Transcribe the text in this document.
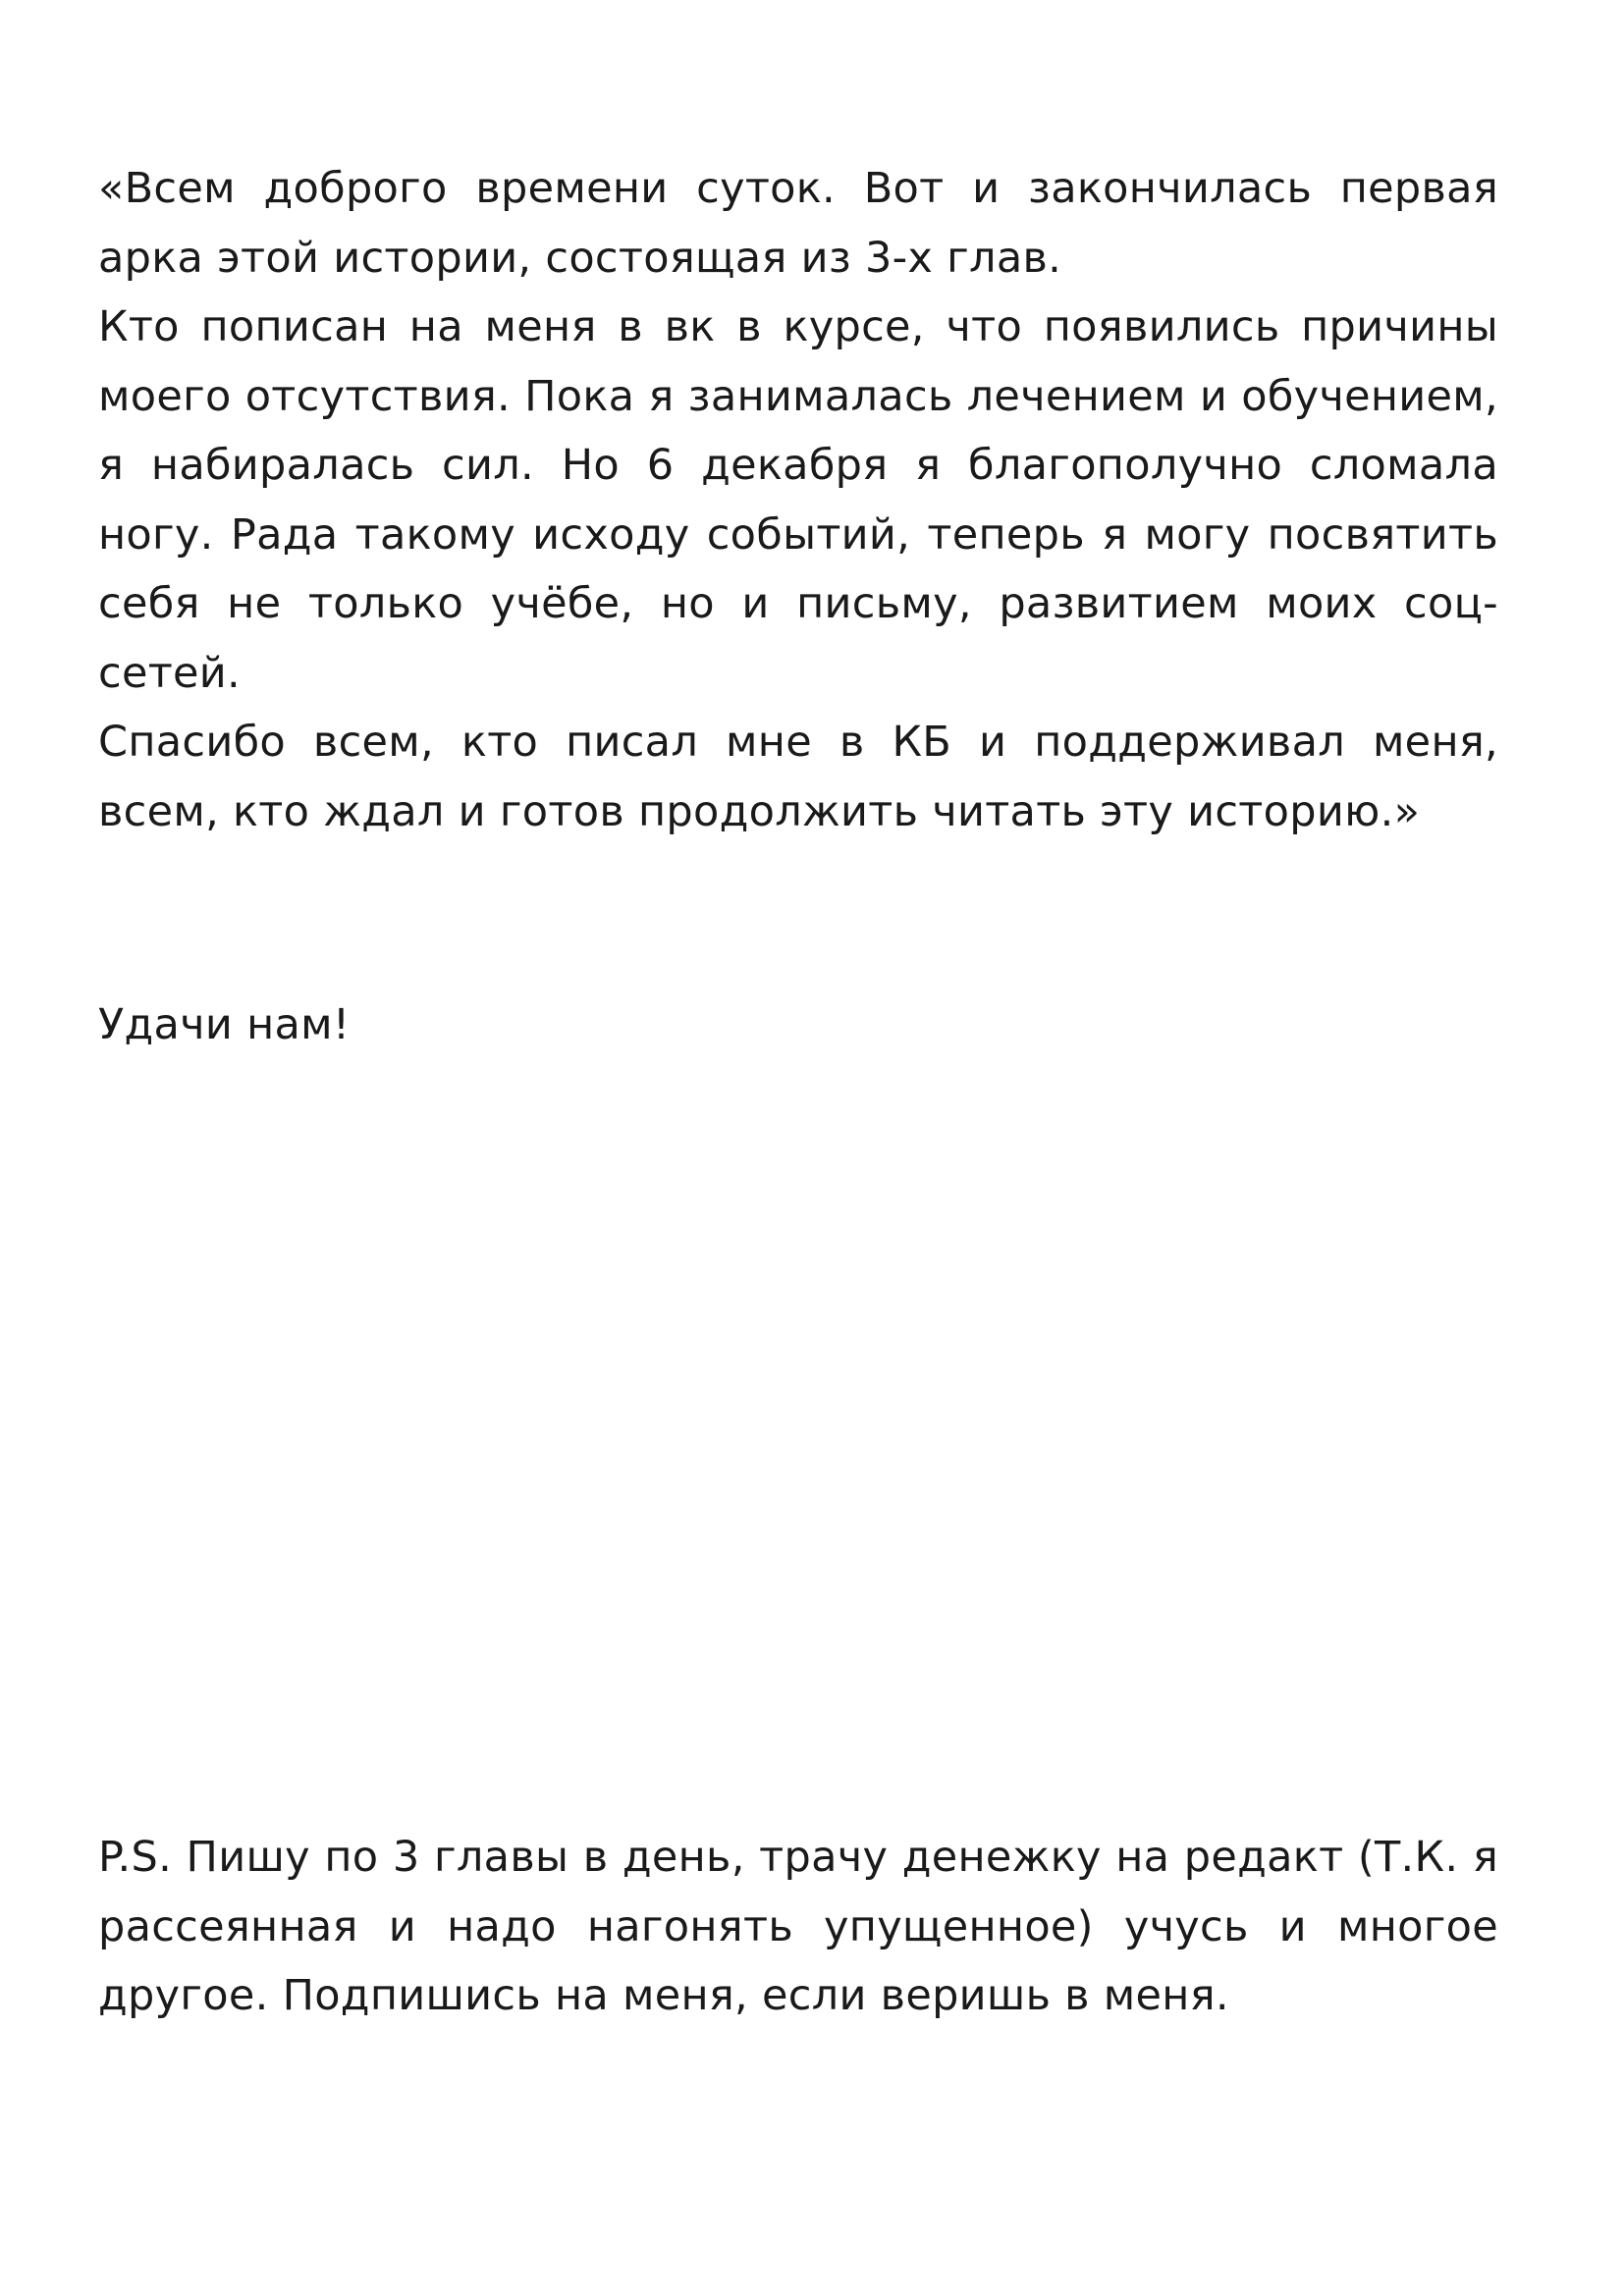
«Всем доброго времени суток. Вот и закончилась первая арка этой истории, состоящая из 3-х глав.

Кто пописан на меня в вк в курсе, что появились причины моего отсутствия. Пока я занималась лечением и обучением, я набиралась сил. Но 6 декабря я благополучно сломала ногу. Рада такому исходу событий, теперь я могу посвятить себя не только учёбе, но и письму, развитием моих соц-сетей.

Спасибо всем, кто писал мне в КБ и поддерживал меня, всем, кто ждал и готов продолжить читать эту историю.»

Удачи нам!

P.S. Пишу по 3 главы в день, трачу денежку на редакт (Т.К. я рассеянная и надо нагонять упущенное) учусь и многое другое. Подпишись на меня, если веришь в меня.
